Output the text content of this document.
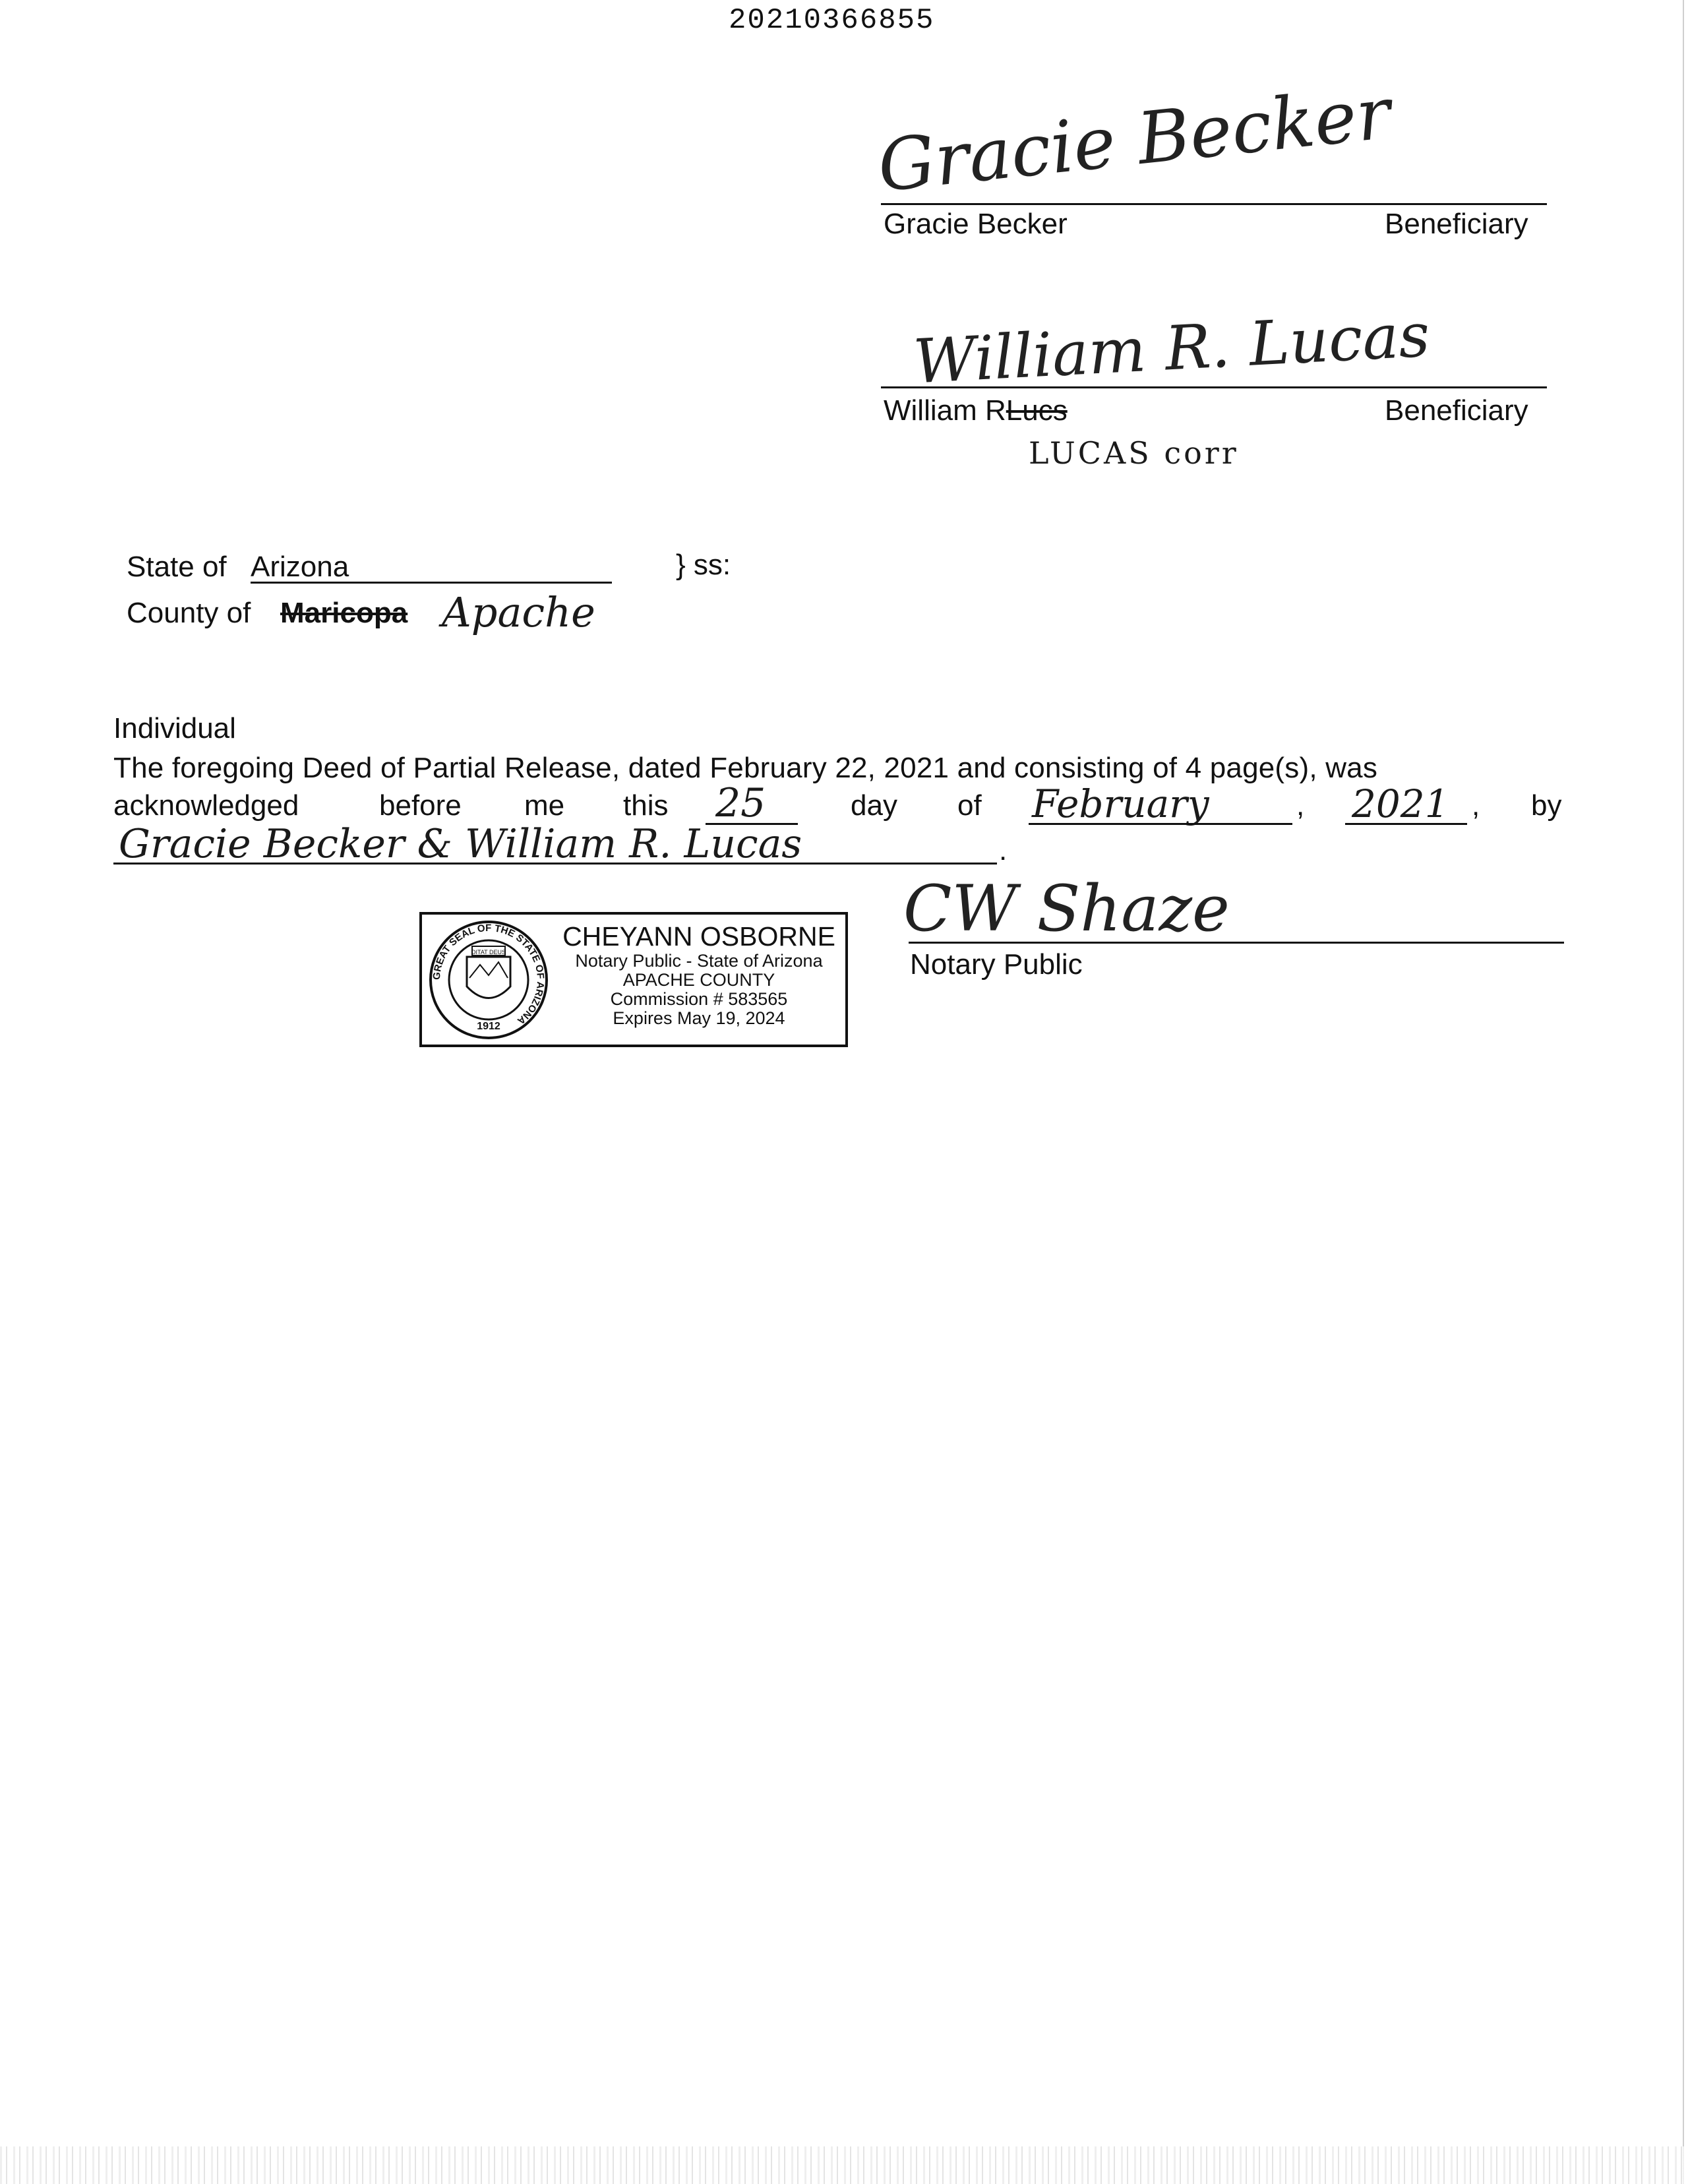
20210366855
Gracie Becker
Gracie Becker	Beneficiary
William R. Lucas
William RLucs	Beneficiary
LUCAS corr
State of Arizona	} ss:
County of Maricopa Apache
Individual
The foregoing Deed of Partial Release, dated February 22, 2021 and consisting of 4 page(s), was
acknowledged	before me this 25	day of February	, 2021 , by
Gracie Becker & William R. Lucas	.
GREAT SEAL OF THE STATE OF ARIZONA
DITAT DEUS
1912
CHEYANN OSBORNE
Notary Public - State of Arizona
APACHE COUNTY
Commission # 583565
Expires May 19, 2024
CW Shaze
Notary Public
